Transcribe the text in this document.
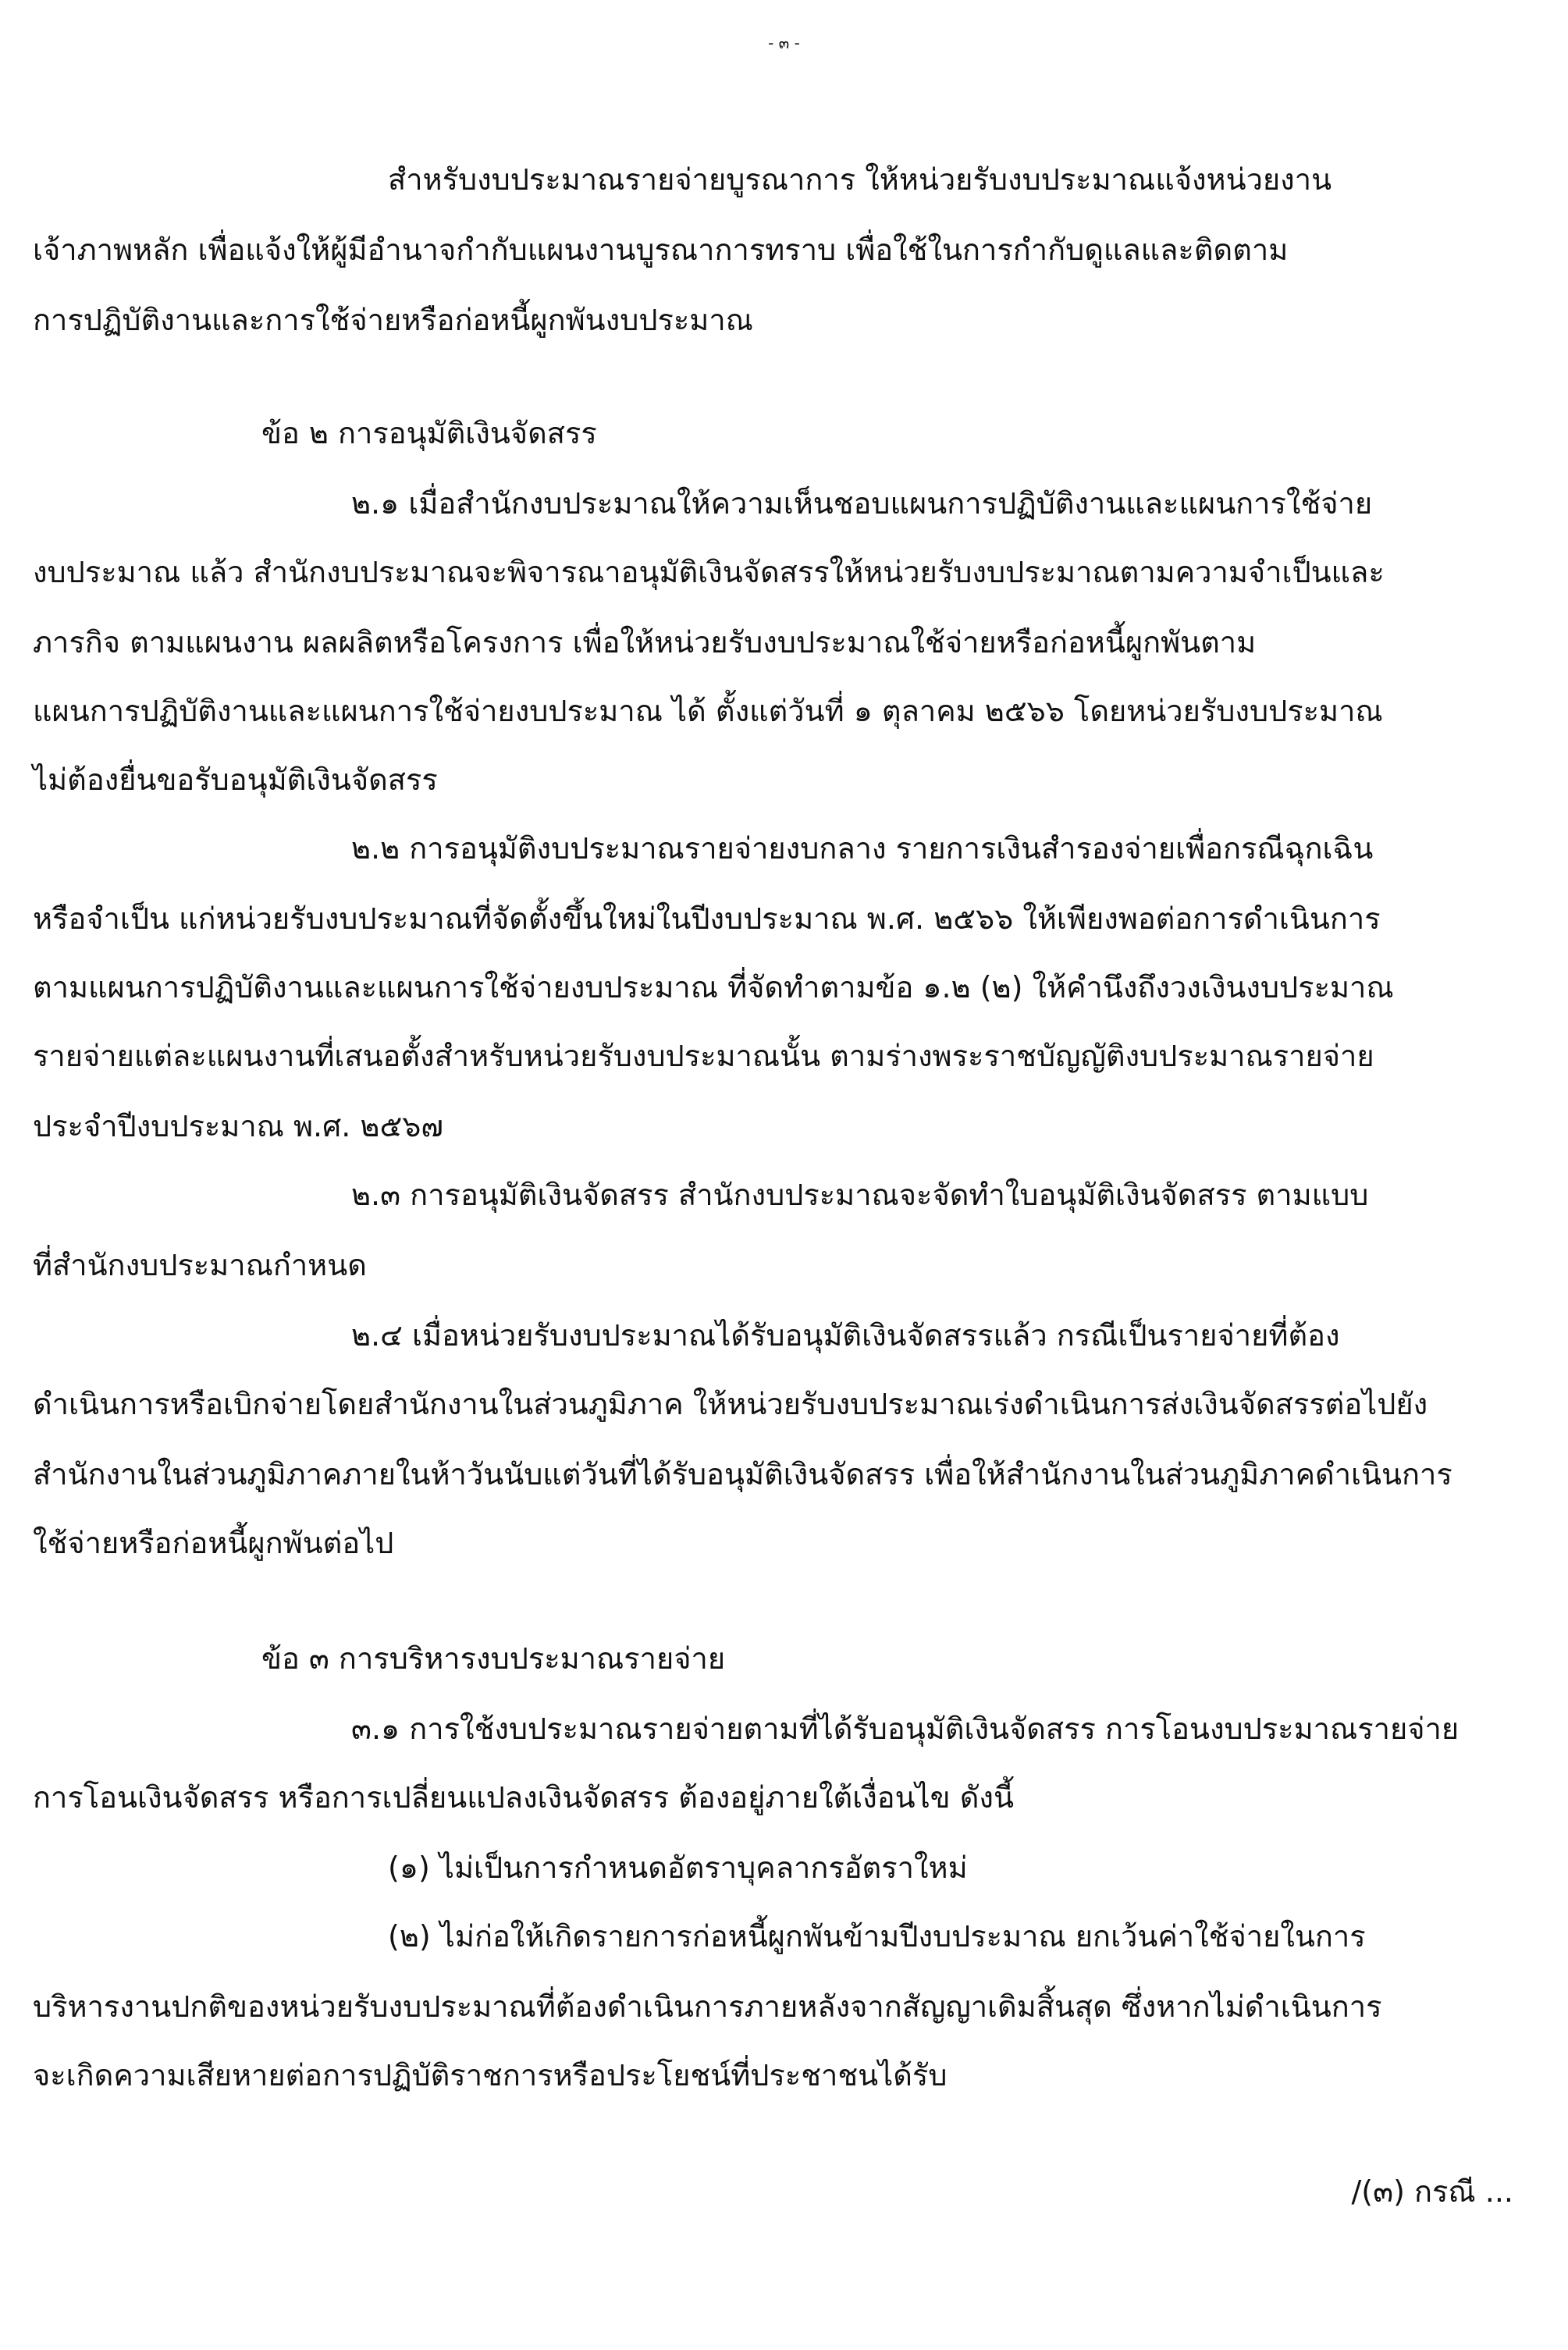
- ๓ -
สำหรับงบประมาณรายจ่ายบูรณาการ ให้หน่วยรับงบประมาณแจ้งหน่วยงาน
เจ้าภาพหลัก เพื่อแจ้งให้ผู้มีอำนาจกำกับแผนงานบูรณาการทราบ เพื่อใช้ในการกำกับดูแลและติดตาม
การปฏิบัติงานและการใช้จ่ายหรือก่อหนี้ผูกพันงบประมาณ
ข้อ ๒ การอนุมัติเงินจัดสรร
๒.๑ เมื่อสำนักงบประมาณให้ความเห็นชอบแผนการปฏิบัติงานและแผนการใช้จ่าย
งบประมาณ แล้ว สำนักงบประมาณจะพิจารณาอนุมัติเงินจัดสรรให้หน่วยรับงบประมาณตามความจำเป็นและ
ภารกิจ ตามแผนงาน ผลผลิตหรือโครงการ เพื่อให้หน่วยรับงบประมาณใช้จ่ายหรือก่อหนี้ผูกพันตาม
แผนการปฏิบัติงานและแผนการใช้จ่ายงบประมาณ ได้ ตั้งแต่วันที่ ๑ ตุลาคม ๒๕๖๖ โดยหน่วยรับงบประมาณ
ไม่ต้องยื่นขอรับอนุมัติเงินจัดสรร
๒.๒ การอนุมัติงบประมาณรายจ่ายงบกลาง รายการเงินสำรองจ่ายเพื่อกรณีฉุกเฉิน
หรือจำเป็น แก่หน่วยรับงบประมาณที่จัดตั้งขึ้นใหม่ในปีงบประมาณ พ.ศ. ๒๕๖๖ ให้เพียงพอต่อการดำเนินการ
ตามแผนการปฏิบัติงานและแผนการใช้จ่ายงบประมาณ ที่จัดทำตามข้อ ๑.๒ (๒) ให้คำนึงถึงวงเงินงบประมาณ
รายจ่ายแต่ละแผนงานที่เสนอตั้งสำหรับหน่วยรับงบประมาณนั้น ตามร่างพระราชบัญญัติงบประมาณรายจ่าย
ประจำปีงบประมาณ พ.ศ. ๒๕๖๗
๒.๓ การอนุมัติเงินจัดสรร สำนักงบประมาณจะจัดทำใบอนุมัติเงินจัดสรร ตามแบบ
ที่สำนักงบประมาณกำหนด
๒.๔ เมื่อหน่วยรับงบประมาณได้รับอนุมัติเงินจัดสรรแล้ว กรณีเป็นรายจ่ายที่ต้อง
ดำเนินการหรือเบิกจ่ายโดยสำนักงานในส่วนภูมิภาค ให้หน่วยรับงบประมาณเร่งดำเนินการส่งเงินจัดสรรต่อไปยัง
สำนักงานในส่วนภูมิภาคภายในห้าวันนับแต่วันที่ได้รับอนุมัติเงินจัดสรร เพื่อให้สำนักงานในส่วนภูมิภาคดำเนินการ
ใช้จ่ายหรือก่อหนี้ผูกพันต่อไป
ข้อ ๓ การบริหารงบประมาณรายจ่าย
๓.๑ การใช้งบประมาณรายจ่ายตามที่ได้รับอนุมัติเงินจัดสรร การโอนงบประมาณรายจ่าย
การโอนเงินจัดสรร หรือการเปลี่ยนแปลงเงินจัดสรร ต้องอยู่ภายใต้เงื่อนไข ดังนี้
(๑) ไม่เป็นการกำหนดอัตราบุคลากรอัตราใหม่
(๒) ไม่ก่อให้เกิดรายการก่อหนี้ผูกพันข้ามปีงบประมาณ ยกเว้นค่าใช้จ่ายในการ
บริหารงานปกติของหน่วยรับงบประมาณที่ต้องดำเนินการภายหลังจากสัญญาเดิมสิ้นสุด ซึ่งหากไม่ดำเนินการ
จะเกิดความเสียหายต่อการปฏิบัติราชการหรือประโยชน์ที่ประชาชนได้รับ
/(๓) กรณี ...
